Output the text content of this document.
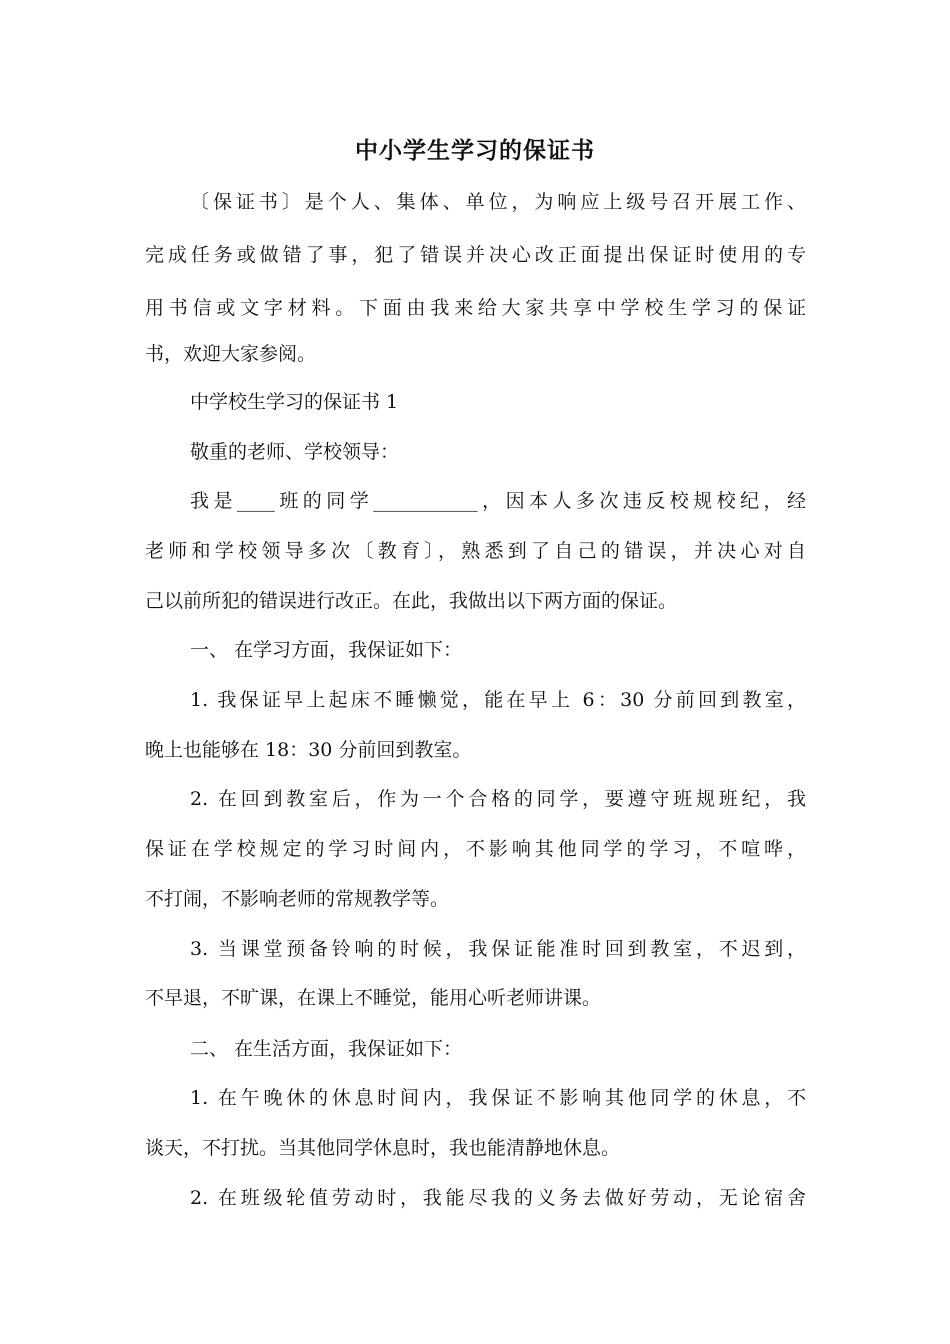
中小学生学习的保证书
〔保证书〕是个人、集体、单位，为响应上级号召开展工作、
完成任务或做错了事，犯了错误并决心改正面提出保证时使用的专
用书信或文字材料。下面由我来给大家共享中学校生学习的保证
书，欢迎大家参阅。
中学校生学习的保证书 1
敬重的老师、学校领导：
我是____班的同学___________，因本人多次违反校规校纪，经
老师和学校领导多次〔教育〕，熟悉到了自己的错误，并决心对自
己以前所犯的错误进行改正。在此，我做出以下两方面的保证。
一、 在学习方面，我保证如下：
1. 我保证早上起床不睡懒觉，能在早上 6：30 分前回到教室，
晚上也能够在 18：30 分前回到教室。
2. 在回到教室后，作为一个合格的同学，要遵守班规班纪，我
保证在学校规定的学习时间内，不影响其他同学的学习，不喧哗，
不打闹，不影响老师的常规教学等。
3. 当课堂预备铃响的时候，我保证能准时回到教室，不迟到，
不早退，不旷课，在课上不睡觉，能用心听老师讲课。
二、 在生活方面，我保证如下：
1. 在午晚休的休息时间内，我保证不影响其他同学的休息，不
谈天，不打扰。当其他同学休息时，我也能清静地休息。
2. 在班级轮值劳动时，我能尽我的义务去做好劳动，无论宿舍
